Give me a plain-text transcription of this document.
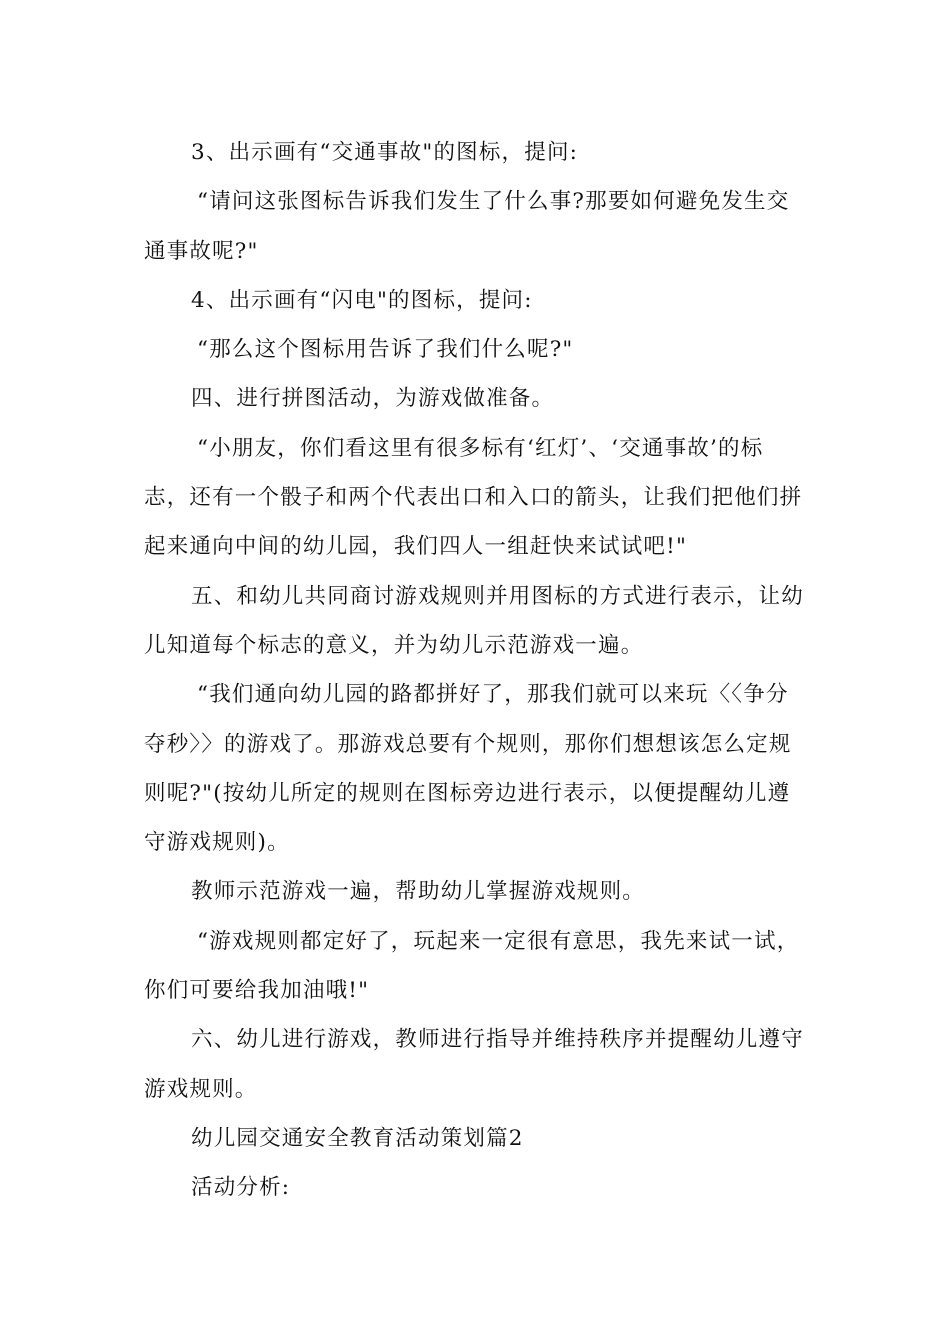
3、出示画有“交通事故"的图标，提问:

“请问这张图标告诉我们发生了什么事?那要如何避免发生交通事故呢?"

4、出示画有“闪电"的图标，提问:

“那么这个图标用告诉了我们什么呢?"

四、进行拼图活动，为游戏做准备。

“小朋友，你们看这里有很多标有‘红灯’、‘交通事故’的标志，还有一个骰子和两个代表出口和入口的箭头，让我们把他们拼起来通向中间的幼儿园，我们四人一组赶快来试试吧!"

五、和幼儿共同商讨游戏规则并用图标的方式进行表示，让幼儿知道每个标志的意义，并为幼儿示范游戏一遍。

“我们通向幼儿园的路都拼好了，那我们就可以来玩〈〈争分夺秒〉〉的游戏了。那游戏总要有个规则，那你们想想该怎么定规则呢?"(按幼儿所定的规则在图标旁边进行表示，以便提醒幼儿遵守游戏规则)。

教师示范游戏一遍，帮助幼儿掌握游戏规则。

“游戏规则都定好了，玩起来一定很有意思，我先来试一试，你们可要给我加油哦!"

六、幼儿进行游戏，教师进行指导并维持秩序并提醒幼儿遵守游戏规则。

幼儿园交通安全教育活动策划篇2

活动分析:
